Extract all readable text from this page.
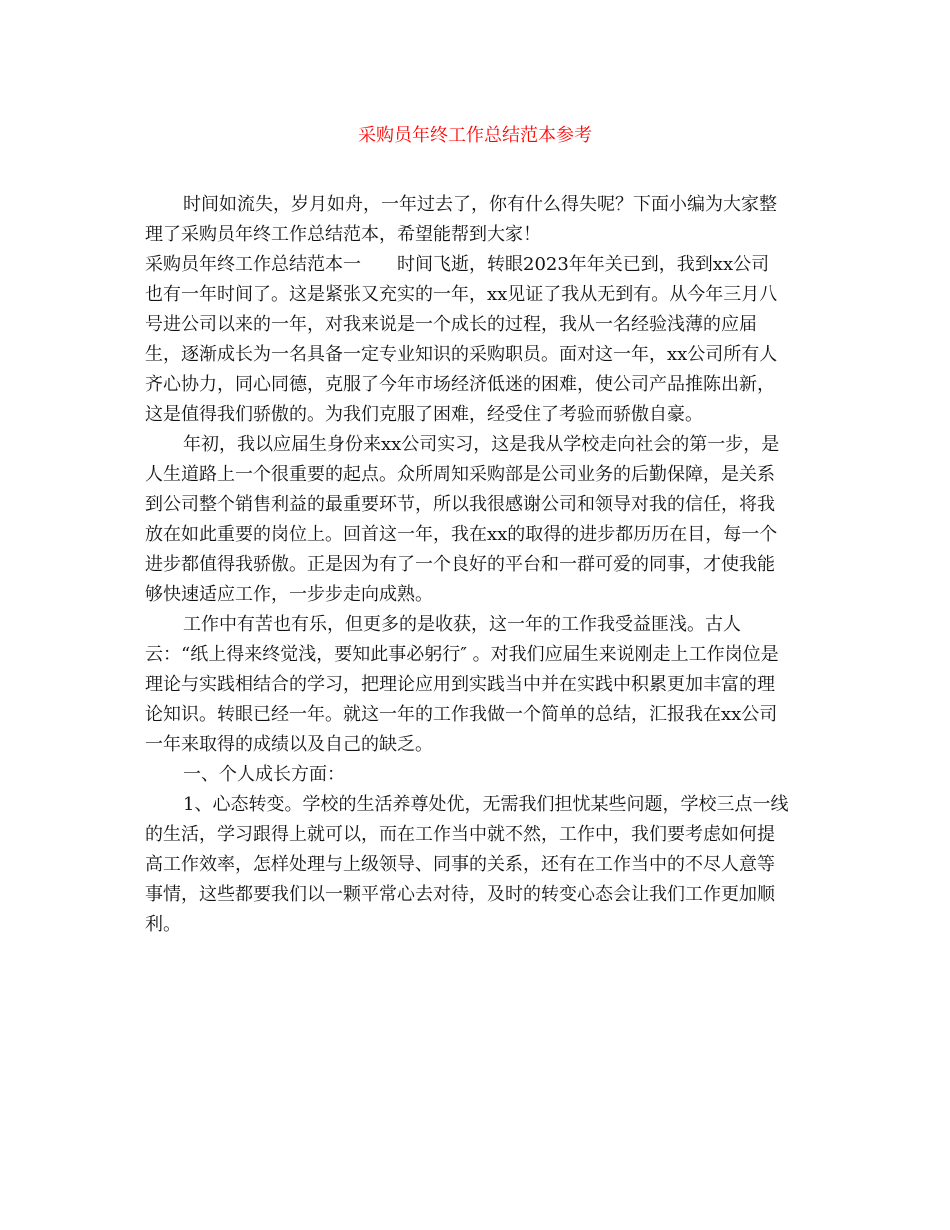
采购员年终工作总结范本参考
时间如流失，岁月如舟，一年过去了，你有什么得失呢？下面小编为大家整
理了采购员年终工作总结范本，希望能帮到大家！
采购员年终工作总结范本一 时间飞逝，转眼2023年年关已到，我到xx公司
也有一年时间了。这是紧张又充实的一年，xx见证了我从无到有。从今年三月八
号进公司以来的一年，对我来说是一个成长的过程，我从一名经验浅薄的应届
生，逐渐成长为一名具备一定专业知识的采购职员。面对这一年，xx公司所有人
齐心协力，同心同德，克服了今年市场经济低迷的困难，使公司产品推陈出新，
这是值得我们骄傲的。为我们克服了困难，经受住了考验而骄傲自豪。
年初，我以应届生身份来xx公司实习，这是我从学校走向社会的第一步，是
人生道路上一个很重要的起点。众所周知采购部是公司业务的后勤保障，是关系
到公司整个销售利益的最重要环节，所以我很感谢公司和领导对我的信任，将我
放在如此重要的岗位上。回首这一年，我在xx的取得的进步都历历在目，每一个
进步都值得我骄傲。正是因为有了一个良好的平台和一群可爱的同事，才使我能
够快速适应工作，一步步走向成熟。
工作中有苦也有乐，但更多的是收获，这一年的工作我受益匪浅。古人
云：“纸上得来终觉浅，要知此事必躬行″ 。对我们应届生来说刚走上工作岗位是
理论与实践相结合的学习，把理论应用到实践当中并在实践中积累更加丰富的理
论知识。转眼已经一年。就这一年的工作我做一个简单的总结，汇报我在xx公司
一年来取得的成绩以及自己的缺乏。
一、个人成长方面：
1、心态转变。学校的生活养尊处优，无需我们担忧某些问题，学校三点一线
的生活，学习跟得上就可以，而在工作当中就不然，工作中，我们要考虑如何提
高工作效率，怎样处理与上级领导、同事的关系，还有在工作当中的不尽人意等
事情，这些都要我们以一颗平常心去对待，及时的转变心态会让我们工作更加顺
利。
